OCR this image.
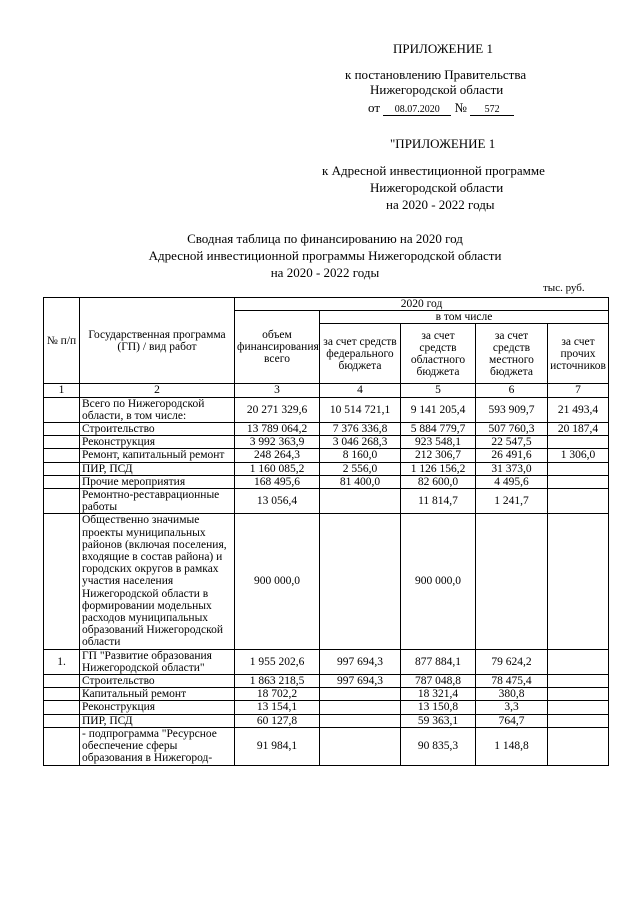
ПРИЛОЖЕНИЕ 1
к постановлению Правительства
Нижегородской области
от 08.07.2020 № 572
"ПРИЛОЖЕНИЕ 1
к Адресной инвестиционной программе
Нижегородской области
на 2020 - 2022 годы
Сводная таблица по финансированию на 2020 год
Адресной инвестиционной программы Нижегородской области
на 2020 - 2022 годы
тыс. руб.
№ п/п	Государственная программа (ГП) / вид работ	2020 год				
		объем финансирования всего	в том числе			
			за счет средств федерального бюджета	за счет средств областного бюджета	за счет средств местного бюджета	за счет прочих источников
1	2	3	4	5	6	7
	Всего по Нижегородской области, в том числе:	20 271 329,6	10 514 721,1	9 141 205,4	593 909,7	21 493,4
	Строительство	13 789 064,2	7 376 336,8	5 884 779,7	507 760,3	20 187,4
	Реконструкция	3 992 363,9	3 046 268,3	923 548,1	22 547,5	
	Ремонт, капитальный ремонт	248 264,3	8 160,0	212 306,7	26 491,6	1 306,0
	ПИР, ПСД	1 160 085,2	2 556,0	1 126 156,2	31 373,0	
	Прочие мероприятия	168 495,6	81 400,0	82 600,0	4 495,6	
	Ремонтно-реставрационные работы	13 056,4		11 814,7	1 241,7	
	Общественно значимые проекты муниципальных районов (включая поселения, входящие в состав района) и городских округов в рамках участия населения Нижегородской области в формировании модельных расходов муниципальных образований Нижегородской области	900 000,0		900 000,0		
1.	ГП "Развитие образования Нижегородской области"	1 955 202,6	997 694,3	877 884,1	79 624,2	
	Строительство	1 863 218,5	997 694,3	787 048,8	78 475,4	
	Капитальный ремонт	18 702,2		18 321,4	380,8	
	Реконструкция	13 154,1		13 150,8	3,3	
	ПИР, ПСД	60 127,8		59 363,1	764,7	
	- подпрограмма "Ресурсное обеспечение сферы образования в Нижегород-	91 984,1		90 835,3	1 148,8	
